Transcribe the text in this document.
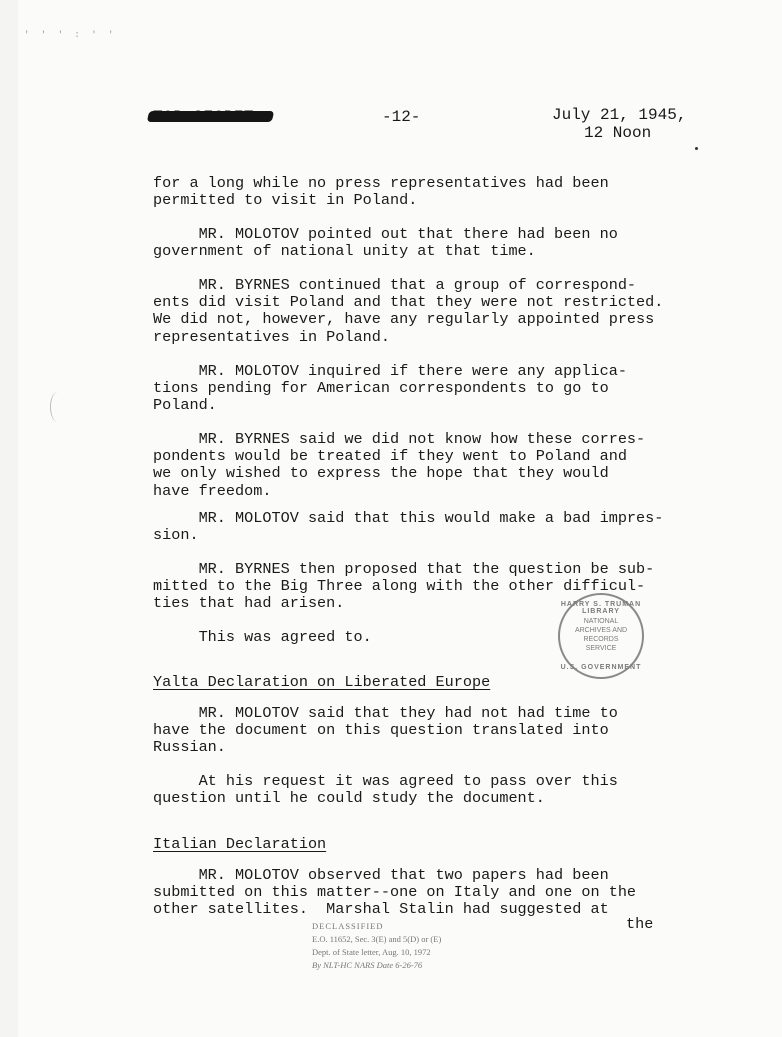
' ' ' : ' '
-12-	July 21, 1945,
12 Noon
for a long while no press representatives had been
permitted to visit in Poland.
MR. MOLOTOV pointed out that there had been no
government of national unity at that time.
MR. BYRNES continued that a group of correspond-
ents did visit Poland and that they were not restricted.
We did not, however, have any regularly appointed press
representatives in Poland.
MR. MOLOTOV inquired if there were any applica-
tions pending for American correspondents to go to
Poland.
MR. BYRNES said we did not know how these corres-
pondents would be treated if they went to Poland and
we only wished to express the hope that they would
have freedom.
MR. MOLOTOV said that this would make a bad impres-
sion.
MR. BYRNES then proposed that the question be sub-
mitted to the Big Three along with the other difficul-
ties that had arisen.
This was agreed to.
Yalta Declaration on Liberated Europe
MR. MOLOTOV said that they had not had time to
have the document on this question translated into
Russian.
At his request it was agreed to pass over this
question until he could study the document.
Italian Declaration
MR. MOLOTOV observed that two papers had been
submitted on this matter--one on Italy and one on the
other satellites.  Marshal Stalin had suggested at
the
HARRY S. TRUMAN LIBRARY
NATIONAL ARCHIVES AND RECORDS SERVICE
U.S. GOVERNMENT
DECLASSIFIED
E.O. 11652, Sec. 3(E) and 5(D) or (E)
Dept. of State letter, Aug. 10, 1972
By NLT-HC NARS Date 6-26-76
